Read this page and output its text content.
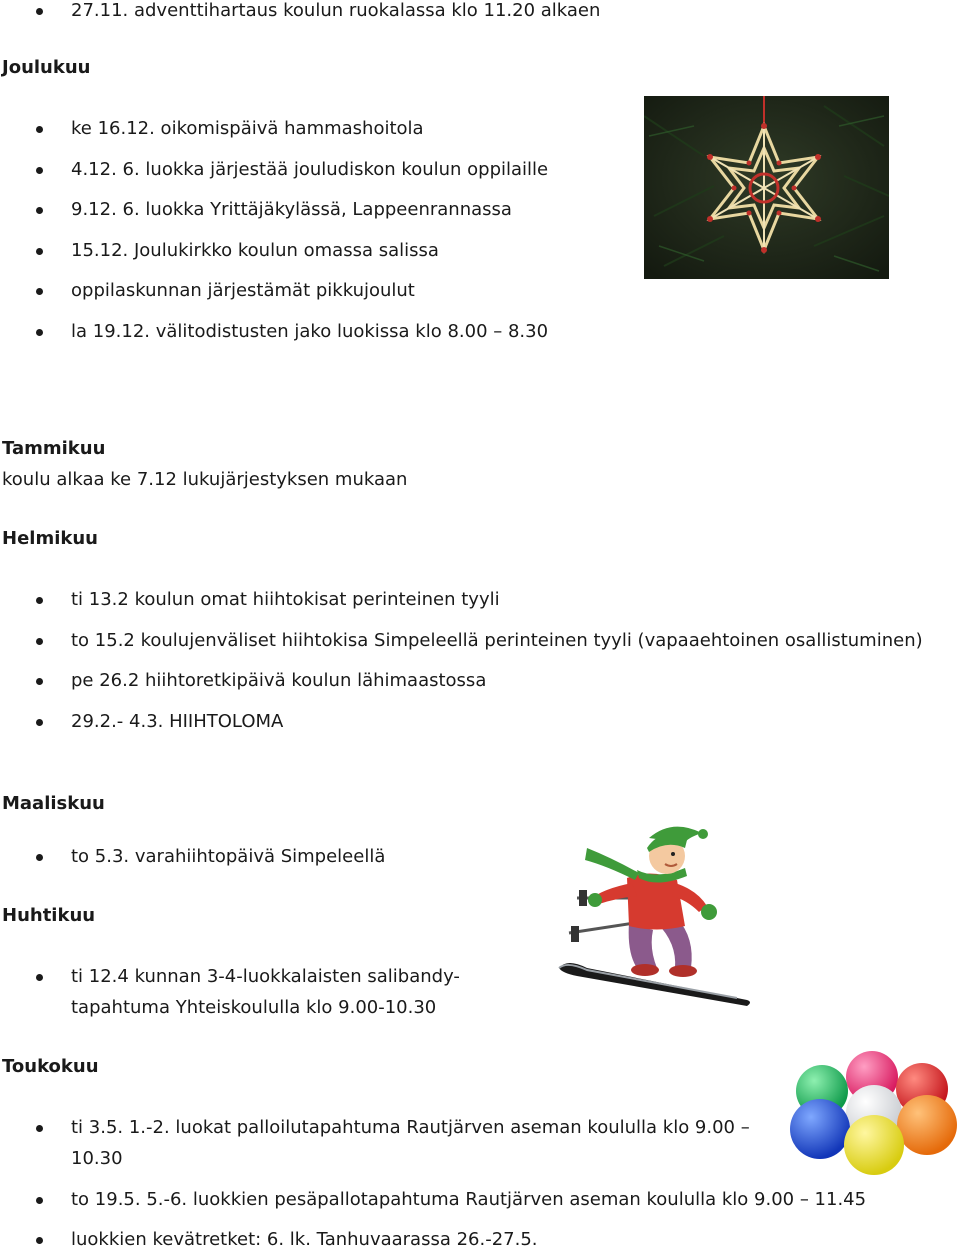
27.11. adventtihartaus koulun ruokalassa klo 11.20 alkaen
Joulukuu
ke 16.12. oikomispäivä hammashoitola
4.12. 6. luokka järjestää jouludiskon koulun oppilaille
9.12. 6. luokka Yrittäjäkylässä, Lappeenrannassa
15.12. Joulukirkko koulun omassa salissa
oppilaskunnan järjestämät pikkujoulut
la 19.12. välitodistusten jako luokissa klo 8.00 – 8.30
Tammikuu
koulu alkaa ke 7.12 lukujärjestyksen mukaan
Helmikuu
ti 13.2 koulun omat hiihtokisat perinteinen tyyli
to 15.2 koulujenväliset hiihtokisa Simpeleellä perinteinen tyyli (vapaaehtoinen osallistuminen)
pe 26.2 hiihtoretkipäivä koulun lähimaastossa
29.2.- 4.3. HIIHTOLOMA
Maaliskuu
to 5.3. varahiihtopäivä Simpeleellä
Huhtikuu
ti 12.4 kunnan 3-4-luokkalaisten salibandy-
tapahtuma Yhteiskoululla klo 9.00-10.30
Toukokuu
ti 3.5. 1.-2. luokat palloilutapahtuma Rautjärven aseman koululla klo 9.00 –
10.30
to 19.5. 5.-6. luokkien pesäpallotapahtuma Rautjärven aseman koululla klo 9.00 – 11.45
luokkien kevätretket: 6. lk. Tanhuvaarassa 26.-27.5.
